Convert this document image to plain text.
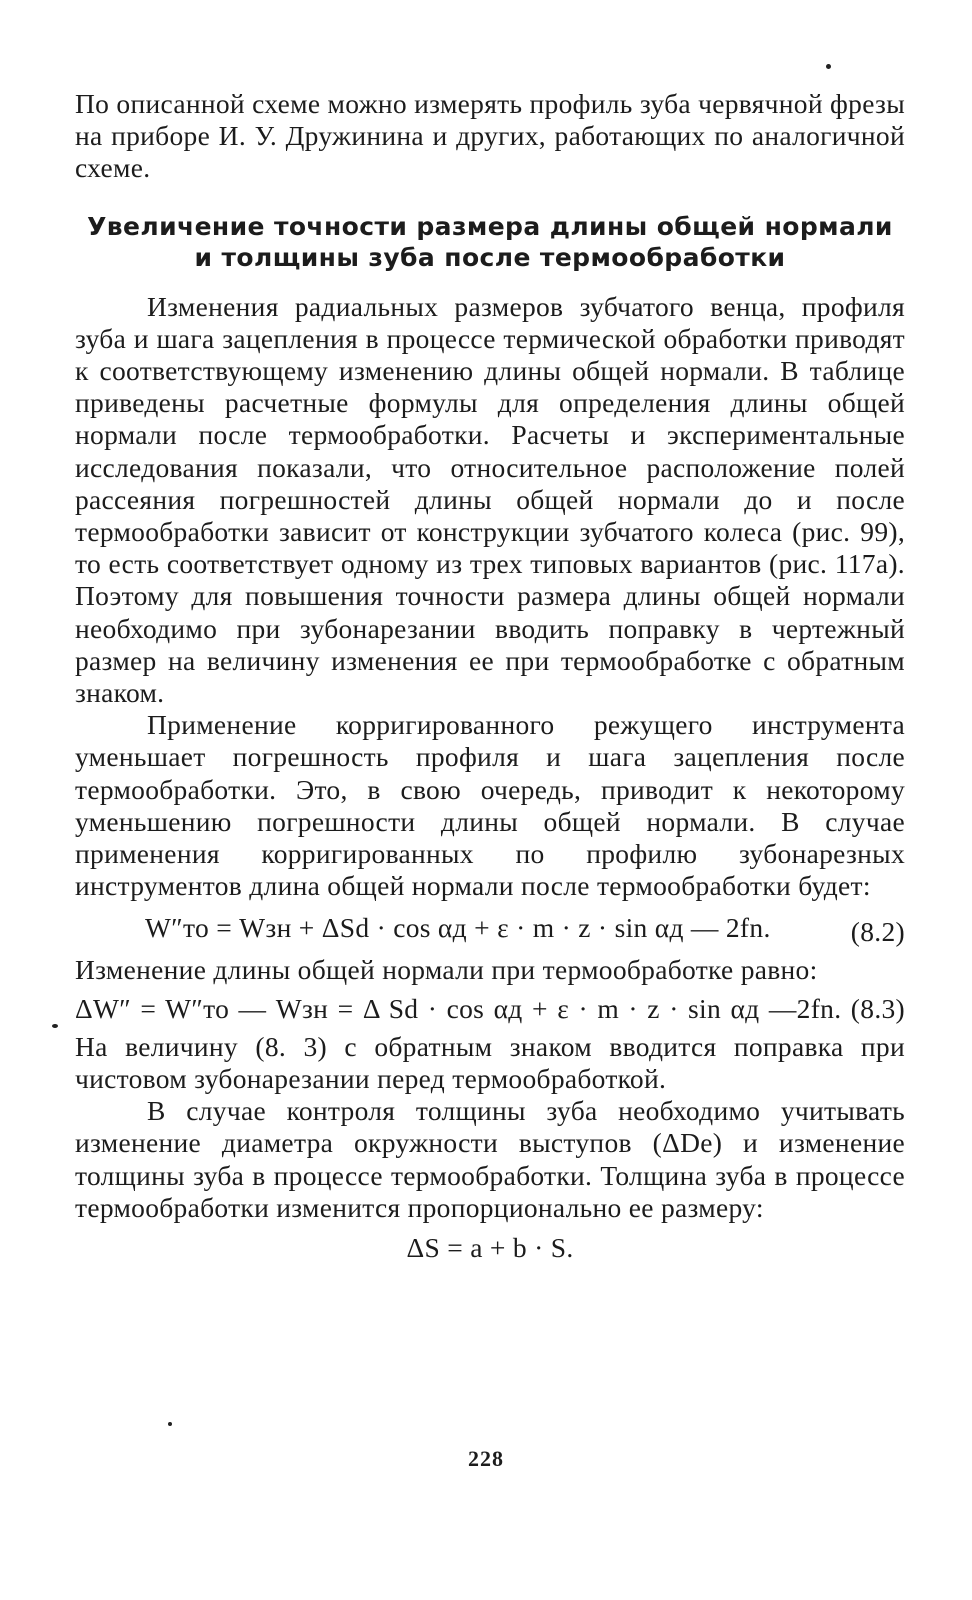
По описанной схеме можно измерять профиль зуба червячной фрезы на приборе И. У. Дружинина и других, работающих по аналогичной схеме.

Увеличение точности размера длины общей нормали
и толщины зуба после термообработки

Изменения радиальных размеров зубчатого венца, профиля зуба и шага зацепления в процессе термической обработки приводят к соответствующему изменению длины общей нормали. В таблице приведены расчетные формулы для определения длины общей нормали после термообработки. Расчеты и экспериментальные исследования показали, что относительное расположение полей рассеяния погрешностей длины общей нормали до и после термообработки зависит от конструкции зубчатого колеса (рис. 99), то есть соответствует одному из трех типовых вариантов (рис. 117а). Поэтому для повышения точности размера длины общей нормали необходимо при зубонарезании вводить поправку в чертежный размер на величину изменения ее при термообработке с обратным знаком.

Применение корригированного режущего инструмента уменьшает погрешность профиля и шага зацепления после термообработки. Это, в свою очередь, приводит к некоторому уменьшению погрешности длины общей нормали. В случае применения корригированных по профилю зубонарезных инструментов длина общей нормали после термообработки будет:

W″то = Wзн + ΔSd · cos αд + ε · m · z · sin αд — 2fn.	(8.2)

Изменение длины общей нормали при термообработке равно:

ΔW″ = W″то — Wзн = Δ Sd · cos αд + ε · m · z · sin αд —2fn. (8.3)

На величину (8. 3) с обратным знаком вводится поправка при чистовом зубонарезании перед термообработкой.

В случае контроля толщины зуба необходимо учитывать изменение диаметра окружности выступов (ΔDe) и изменение толщины зуба в процессе термообработки. Толщина зуба в процессе термообработки изменится пропорционально ее размеру:

ΔS = a + b · S.
228
